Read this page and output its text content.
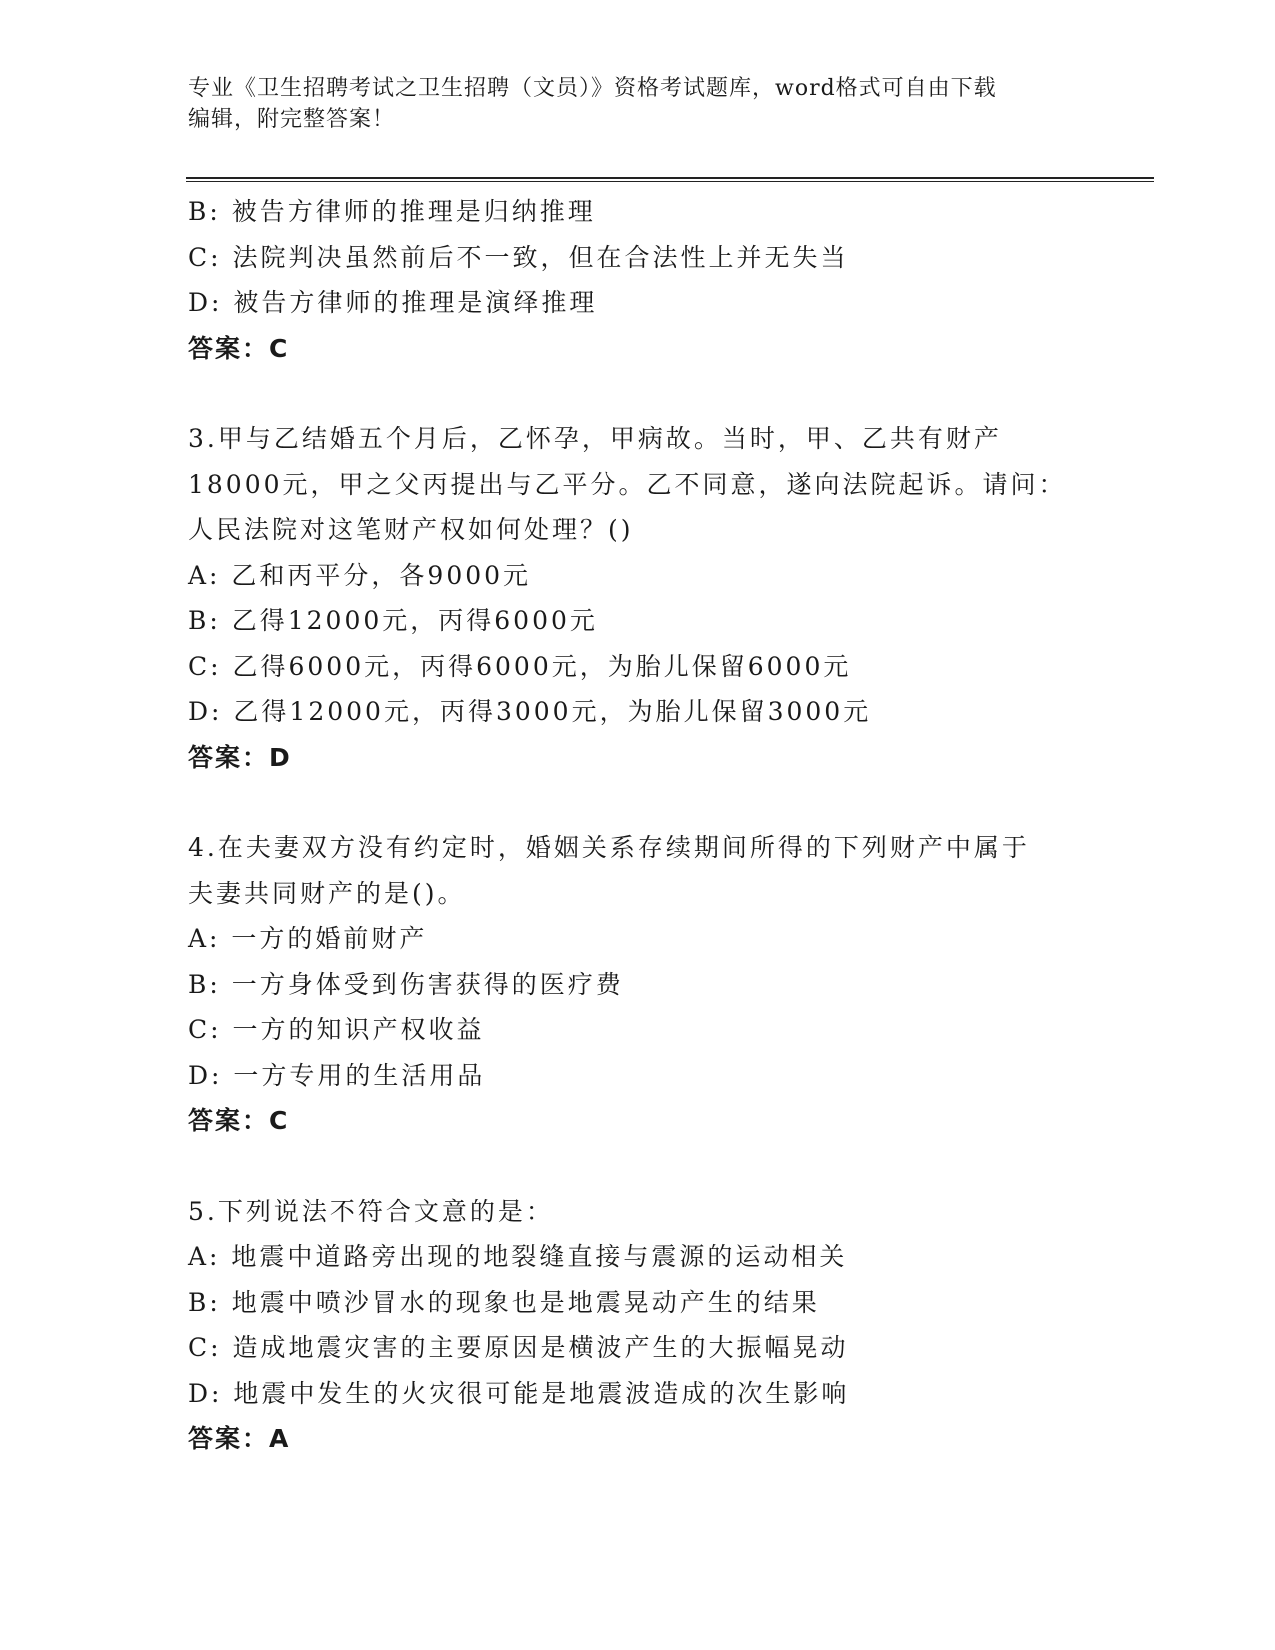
专业《卫生招聘考试之卫生招聘（文员）》资格考试题库，word格式可自由下载
编辑，附完整答案！
B: 被告方律师的推理是归纳推理
C: 法院判决虽然前后不一致，但在合法性上并无失当
D: 被告方律师的推理是演绎推理
答案：C
3.甲与乙结婚五个月后，乙怀孕，甲病故。当时，甲、乙共有财产
18000元，甲之父丙提出与乙平分。乙不同意，遂向法院起诉。请问：
人民法院对这笔财产权如何处理？()
A: 乙和丙平分，各9000元
B: 乙得12000元，丙得6000元
C: 乙得6000元，丙得6000元，为胎儿保留6000元
D: 乙得12000元，丙得3000元，为胎儿保留3000元
答案：D
4.在夫妻双方没有约定时，婚姻关系存续期间所得的下列财产中属于
夫妻共同财产的是()。
A: 一方的婚前财产
B: 一方身体受到伤害获得的医疗费
C: 一方的知识产权收益
D: 一方专用的生活用品
答案：C
5.下列说法不符合文意的是：
A: 地震中道路旁出现的地裂缝直接与震源的运动相关
B: 地震中喷沙冒水的现象也是地震晃动产生的结果
C: 造成地震灾害的主要原因是横波产生的大振幅晃动
D: 地震中发生的火灾很可能是地震波造成的次生影响
答案：A
